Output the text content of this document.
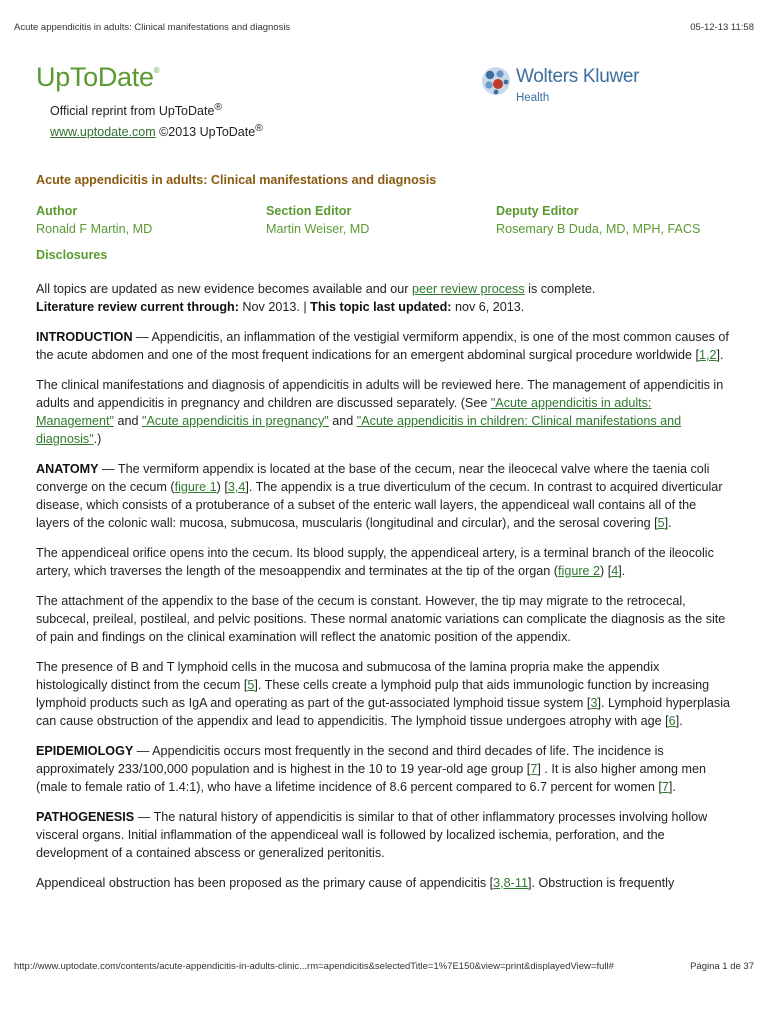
Acute appendicitis in adults: Clinical manifestations and diagnosis	05-12-13 11:58
UpToDate®
Official reprint from UpToDate®
www.uptodate.com ©2013 UpToDate®
Wolters Kluwer
Health
Acute appendicitis in adults: Clinical manifestations and diagnosis
Author
Ronald F Martin, MD
Section Editor
Martin Weiser, MD
Deputy Editor
Rosemary B Duda, MD, MPH, FACS
Disclosures

All topics are updated as new evidence becomes available and our peer review process is complete.
Literature review current through: Nov 2013. | This topic last updated: nov 6, 2013.

INTRODUCTION — Appendicitis, an inflammation of the vestigial vermiform appendix, is one of the most common causes of the acute abdomen and one of the most frequent indications for an emergent abdominal surgical procedure worldwide [1,2].

The clinical manifestations and diagnosis of appendicitis in adults will be reviewed here. The management of appendicitis in adults and appendicitis in pregnancy and children are discussed separately. (See "Acute appendicitis in adults: Management" and "Acute appendicitis in pregnancy" and "Acute appendicitis in children: Clinical manifestations and diagnosis".)

ANATOMY — The vermiform appendix is located at the base of the cecum, near the ileocecal valve where the taenia coli converge on the cecum (figure 1) [3,4]. The appendix is a true diverticulum of the cecum. In contrast to acquired diverticular disease, which consists of a protuberance of a subset of the enteric wall layers, the appendiceal wall contains all of the layers of the colonic wall: mucosa, submucosa, muscularis (longitudinal and circular), and the serosal covering [5].

The appendiceal orifice opens into the cecum. Its blood supply, the appendiceal artery, is a terminal branch of the ileocolic artery, which traverses the length of the mesoappendix and terminates at the tip of the organ (figure 2) [4].

The attachment of the appendix to the base of the cecum is constant. However, the tip may migrate to the retrocecal, subcecal, preileal, postileal, and pelvic positions. These normal anatomic variations can complicate the diagnosis as the site of pain and findings on the clinical examination will reflect the anatomic position of the appendix.

The presence of B and T lymphoid cells in the mucosa and submucosa of the lamina propria make the appendix histologically distinct from the cecum [5]. These cells create a lymphoid pulp that aids immunologic function by increasing lymphoid products such as IgA and operating as part of the gut-associated lymphoid tissue system [3]. Lymphoid hyperplasia can cause obstruction of the appendix and lead to appendicitis. The lymphoid tissue undergoes atrophy with age [6].

EPIDEMIOLOGY — Appendicitis occurs most frequently in the second and third decades of life. The incidence is approximately 233/100,000 population and is highest in the 10 to 19 year-old age group [7] . It is also higher among men (male to female ratio of 1.4:1), who have a lifetime incidence of 8.6 percent compared to 6.7 percent for women [7].

PATHOGENESIS — The natural history of appendicitis is similar to that of other inflammatory processes involving hollow visceral organs. Initial inflammation of the appendiceal wall is followed by localized ischemia, perforation, and the development of a contained abscess or generalized peritonitis.

Appendiceal obstruction has been proposed as the primary cause of appendicitis [3,8-11]. Obstruction is frequently

http://www.uptodate.com/contents/acute-appendicitis-in-adults-clinic...rm=apendicitis&selectedTitle=1%7E150&view=print&displayedView=full#	Página 1 de 37
